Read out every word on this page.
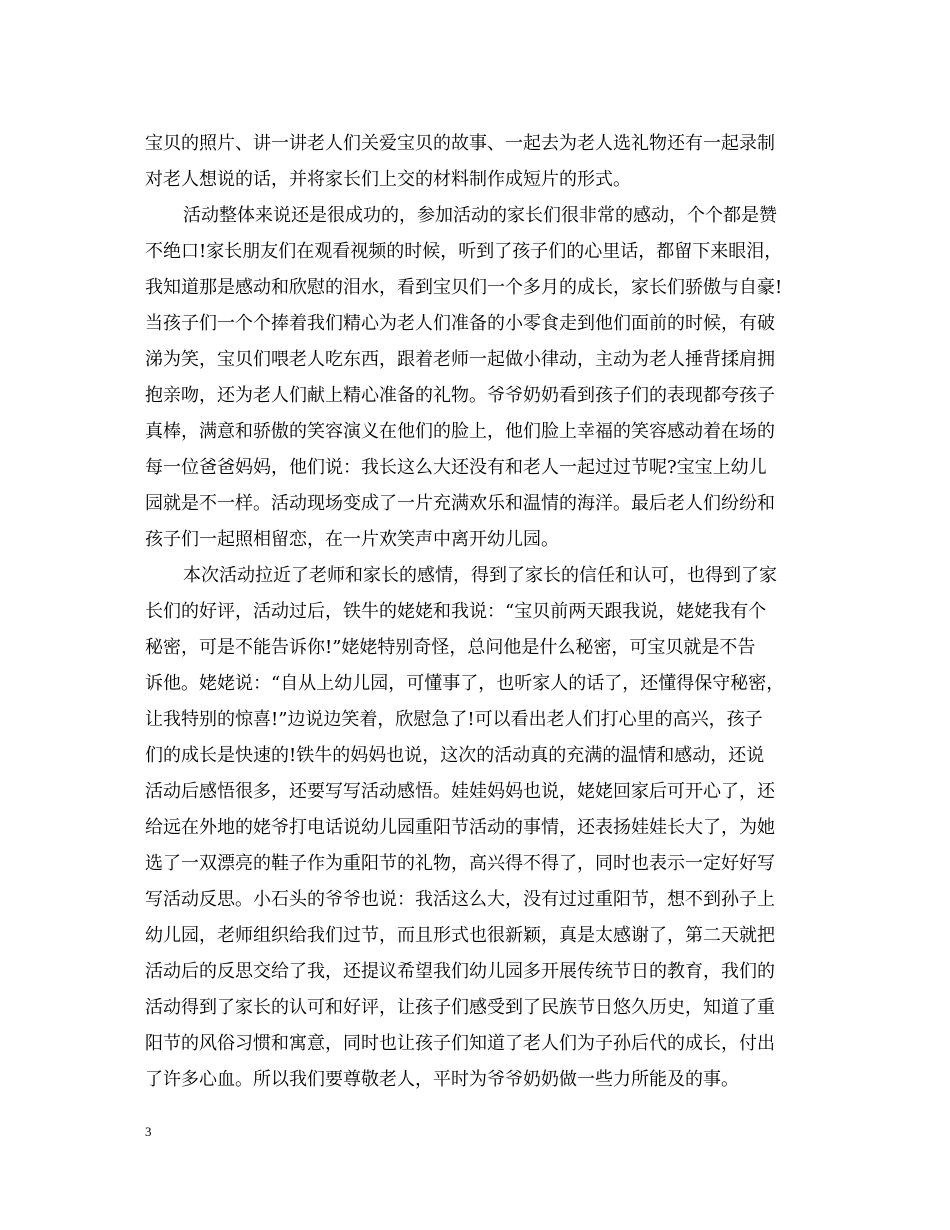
宝贝的照片、讲一讲老人们关爱宝贝的故事、一起去为老人选礼物还有一起录制
对老人想说的话，并将家长们上交的材料制作成短片的形式。
活动整体来说还是很成功的，参加活动的家长们很非常的感动，个个都是赞
不绝口!家长朋友们在观看视频的时候，听到了孩子们的心里话，都留下来眼泪，
我知道那是感动和欣慰的泪水，看到宝贝们一个多月的成长，家长们骄傲与自豪!
当孩子们一个个捧着我们精心为老人们准备的小零食走到他们面前的时候，有破
涕为笑，宝贝们喂老人吃东西，跟着老师一起做小律动，主动为老人捶背揉肩拥
抱亲吻，还为老人们献上精心准备的礼物。爷爷奶奶看到孩子们的表现都夸孩子
真棒，满意和骄傲的笑容演义在他们的脸上，他们脸上幸福的笑容感动着在场的
每一位爸爸妈妈，他们说：我长这么大还没有和老人一起过过节呢?宝宝上幼儿
园就是不一样。活动现场变成了一片充满欢乐和温情的海洋。最后老人们纷纷和
孩子们一起照相留恋，在一片欢笑声中离开幼儿园。
本次活动拉近了老师和家长的感情，得到了家长的信任和认可，也得到了家
长们的好评，活动过后，铁牛的姥姥和我说：“宝贝前两天跟我说，姥姥我有个
秘密，可是不能告诉你!”姥姥特别奇怪，总问他是什么秘密，可宝贝就是不告
诉他。姥姥说：“自从上幼儿园，可懂事了，也听家人的话了，还懂得保守秘密，
让我特别的惊喜!”边说边笑着，欣慰急了!可以看出老人们打心里的高兴，孩子
们的成长是快速的!铁牛的妈妈也说，这次的活动真的充满的温情和感动，还说
活动后感悟很多，还要写写活动感悟。娃娃妈妈也说，姥姥回家后可开心了，还
给远在外地的姥爷打电话说幼儿园重阳节活动的事情，还表扬娃娃长大了，为她
选了一双漂亮的鞋子作为重阳节的礼物，高兴得不得了，同时也表示一定好好写
写活动反思。小石头的爷爷也说：我活这么大，没有过过重阳节，想不到孙子上
幼儿园，老师组织给我们过节，而且形式也很新颖，真是太感谢了，第二天就把
活动后的反思交给了我，还提议希望我们幼儿园多开展传统节日的教育，我们的
活动得到了家长的认可和好评，让孩子们感受到了民族节日悠久历史，知道了重
阳节的风俗习惯和寓意，同时也让孩子们知道了老人们为子孙后代的成长，付出
了许多心血。所以我们要尊敬老人，平时为爷爷奶奶做一些力所能及的事。
3
